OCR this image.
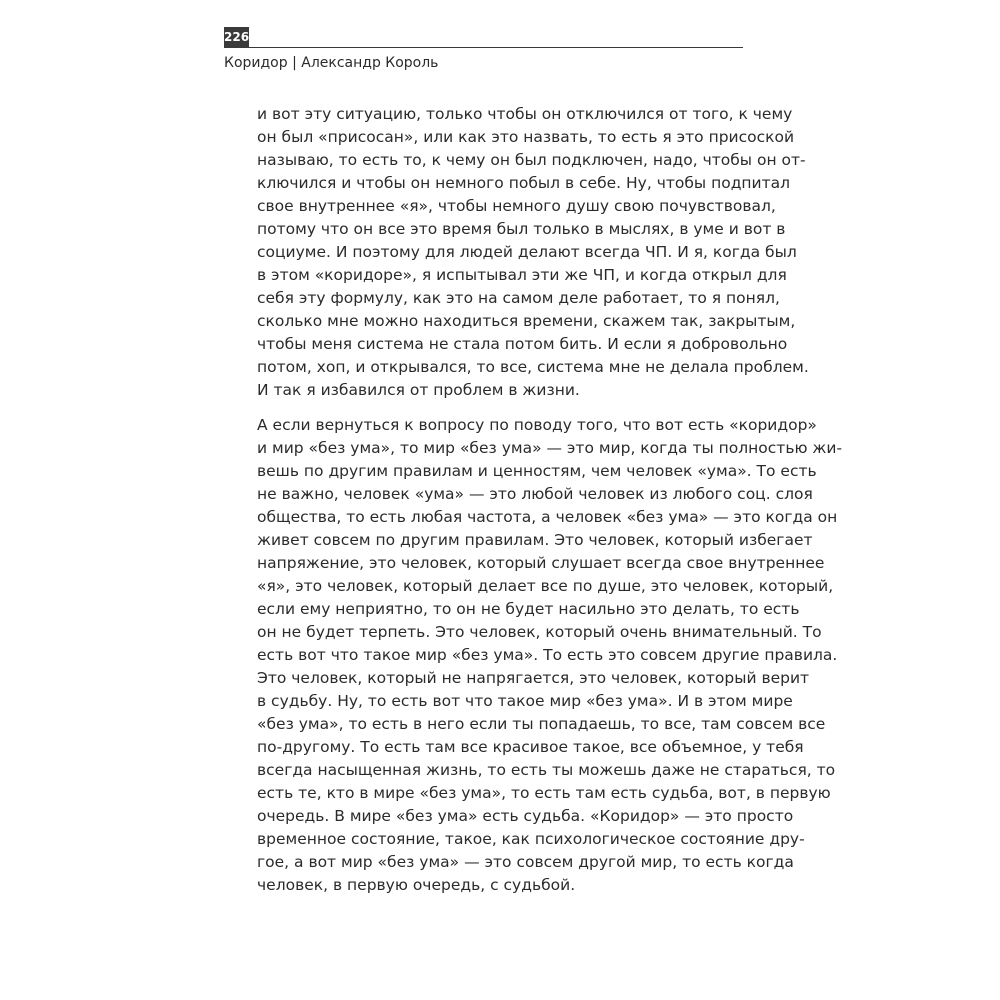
226
Коридор | Александр Король
и вот эту ситуацию, только чтобы он отключился от того, к чему
он был «присосан», или как это назвать, то есть я это присоской
называю, то есть то, к чему он был подключен, надо, чтобы он от-
ключился и чтобы он немного побыл в себе. Ну, чтобы подпитал
свое внутреннее «я», чтобы немного душу свою почувствовал,
потому что он все это время был только в мыслях, в уме и вот в
социуме. И поэтому для людей делают всегда ЧП. И я, когда был
в этом «коридоре», я испытывал эти же ЧП, и когда открыл для
себя эту формулу, как это на самом деле работает, то я понял,
сколько мне можно находиться времени, скажем так, закрытым,
чтобы меня система не стала потом бить. И если я добровольно
потом, хоп, и открывался, то все, система мне не делала проблем.
И так я избавился от проблем в жизни.
А если вернуться к вопросу по поводу того, что вот есть «коридор»
и мир «без ума», то мир «без ума» — это мир, когда ты полностью жи-
вешь по другим правилам и ценностям, чем человек «ума». То есть
не важно, человек «ума» — это любой человек из любого соц. слоя
общества, то есть любая частота, а человек «без ума» — это когда он
живет совсем по другим правилам. Это человек, который избегает
напряжение, это человек, который слушает всегда свое внутреннее
«я», это человек, который делает все по душе, это человек, который,
если ему неприятно, то он не будет насильно это делать, то есть
он не будет терпеть. Это человек, который очень внимательный. То
есть вот что такое мир «без ума». То есть это совсем другие правила.
Это человек, который не напрягается, это человек, который верит
в судьбу. Ну, то есть вот что такое мир «без ума». И в этом мире
«без ума», то есть в него если ты попадаешь, то все, там совсем все
по-другому. То есть там все красивое такое, все объемное, у тебя
всегда насыщенная жизнь, то есть ты можешь даже не стараться, то
есть те, кто в мире «без ума», то есть там есть судьба, вот, в первую
очередь. В мире «без ума» есть судьба. «Коридор» — это просто
временное состояние, такое, как психологическое состояние дру-
гое, а вот мир «без ума» — это совсем другой мир, то есть когда
человек, в первую очередь, с судьбой.
